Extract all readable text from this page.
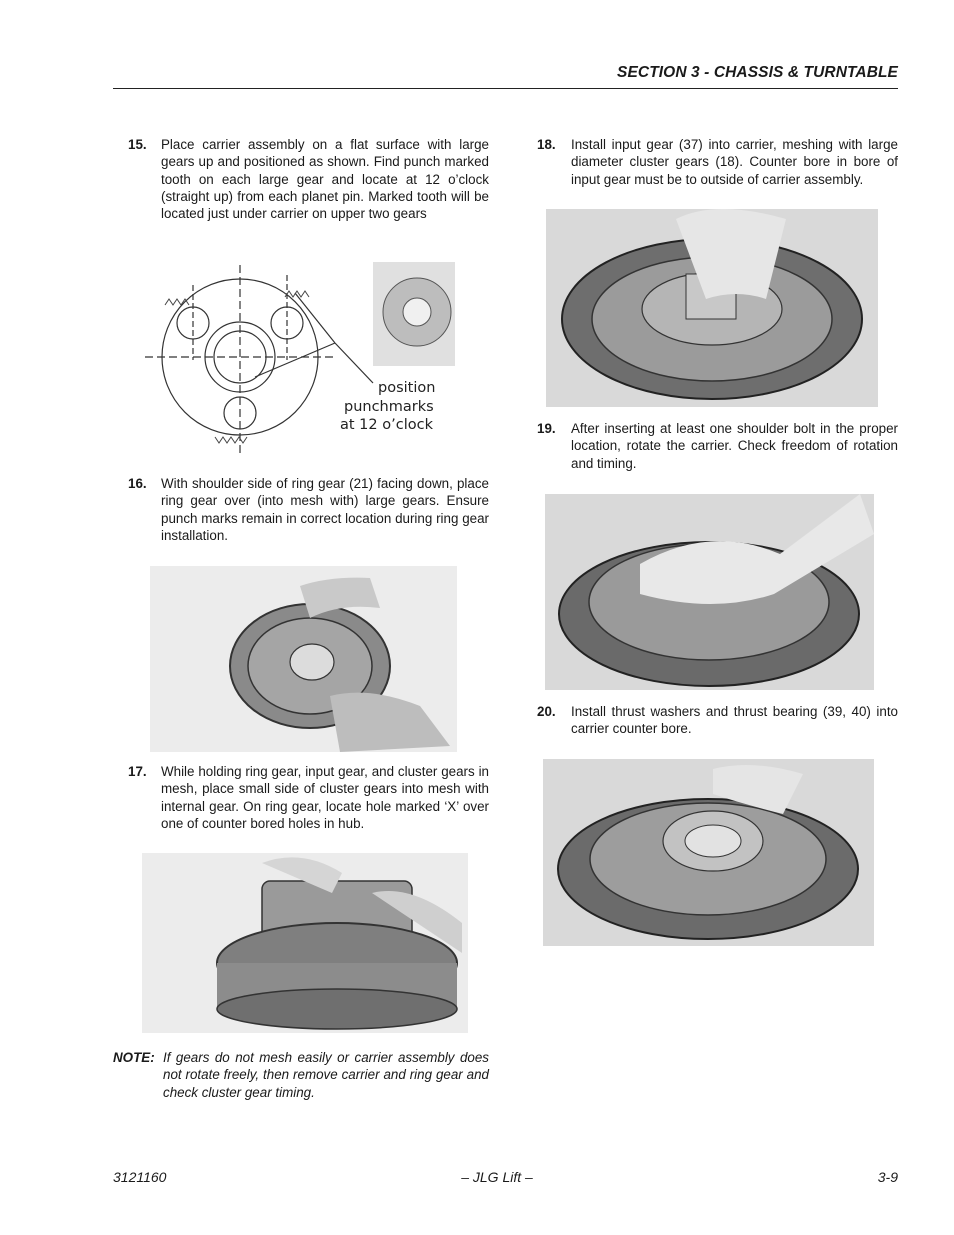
SECTION 3 - CHASSIS & TURNTABLE
15. Place carrier assembly on a flat surface with large gears up and positioned as shown. Find punch marked tooth on each large gear and locate at 12 o’clock (straight up) from each planet pin. Marked tooth will be located just under carrier on upper two gears
position
punchmarks
at 12 o’clock
16. With shoulder side of ring gear (21) facing down, place ring gear over (into mesh with) large gears. Ensure punch marks remain in correct location during ring gear installation.
17. While holding ring gear, input gear, and cluster gears in mesh, place small side of cluster gears into mesh with internal gear. On ring gear, locate hole marked ‘X’ over one of counter bored holes in hub.
NOTE: If gears do not mesh easily or carrier assembly does not rotate freely, then remove carrier and ring gear and check cluster gear timing.
18. Install input gear (37) into carrier, meshing with large diameter cluster gears (18). Counter bore in bore of input gear must be to outside of carrier assembly.
19. After inserting at least one shoulder bolt in the proper location, rotate the carrier. Check freedom of rotation and timing.
20. Install thrust washers and thrust bearing (39, 40) into carrier counter bore.
3121160	– JLG Lift –	3-9
